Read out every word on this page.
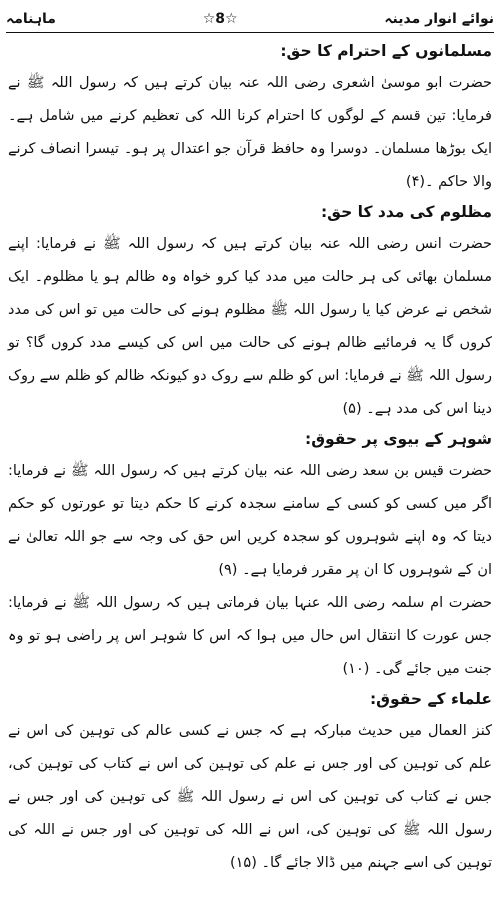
نوائے انوار مدینہ
☆8☆
ماہنامہ
مسلمانوں کے احترام کا حق:

حضرت ابو موسیٰ اشعری رضی اللہ عنہ بیان کرتے ہیں کہ رسول اللہ ﷺ نے فرمایا: تین قسم کے لوگوں کا احترام کرنا اللہ کی تعظیم کرنے میں شامل ہے۔ ایک بوڑھا مسلمان۔ دوسرا وہ حافظ قرآن جو اعتدال پر ہو۔ تیسرا انصاف کرنے والا حاکم ۔(۴)

مظلوم کی مدد کا حق:

حضرت انس رضی اللہ عنہ بیان کرتے ہیں کہ رسول اللہ ﷺ نے فرمایا: اپنے مسلمان بھائی کی ہر حالت میں مدد کیا کرو خواہ وہ ظالم ہو یا مظلوم۔ ایک شخص نے عرض کیا یا رسول اللہ ﷺ مظلوم ہونے کی حالت میں تو اس کی مدد کروں گا یہ فرمائیے ظالم ہونے کی حالت میں اس کی کیسے مدد کروں گا؟ تو رسول اللہ ﷺ نے فرمایا: اس کو ظلم سے روک دو کیونکہ ظالم کو ظلم سے روک دینا اس کی مدد ہے۔ (۵)

شوہر کے بیوی پر حقوق:

حضرت قیس بن سعد رضی اللہ عنہ بیان کرتے ہیں کہ رسول اللہ ﷺ نے فرمایا: اگر میں کسی کو کسی کے سامنے سجدہ کرنے کا حکم دیتا تو عورتوں کو حکم دیتا کہ وہ اپنے شوہروں کو سجدہ کریں اس حق کی وجہ سے جو اللہ تعالیٰ نے ان کے شوہروں کا ان پر مقرر فرمایا ہے۔ (۹)

حضرت ام سلمہ رضی اللہ عنہا بیان فرماتی ہیں کہ رسول اللہ ﷺ نے فرمایا: جس عورت کا انتقال اس حال میں ہوا کہ اس کا شوہر اس پر راضی ہو تو وہ جنت میں جائے گی۔ (۱۰)

علماء کے حقوق:

کنز العمال میں حدیث مبارکہ ہے کہ جس نے کسی عالم کی توہین کی اس نے علم کی توہین کی اور جس نے علم کی توہین کی اس نے کتاب کی توہین کی، جس نے کتاب کی توہین کی اس نے رسول اللہ ﷺ کی توہین کی اور جس نے رسول اللہ ﷺ کی توہین کی، اس نے اللہ کی توہین کی اور جس نے اللہ کی توہین کی اسے جہنم میں ڈالا جائے گا۔ (۱۵)
